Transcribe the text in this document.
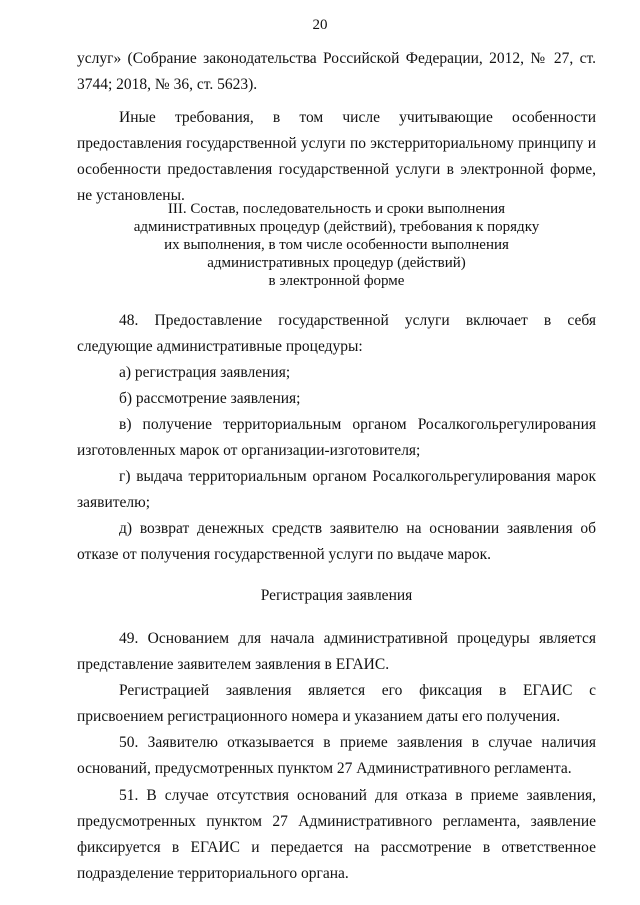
20
услуг» (Собрание законодательства Российской Федерации, 2012, № 27, ст. 3744; 2018, № 36, ст. 5623).
Иные требования, в том числе учитывающие особенности предоставления государственной услуги по экстерриториальному принципу и особенности предоставления государственной услуги в электронной форме, не установлены.
III. Состав, последовательность и сроки выполнения
административных процедур (действий), требования к порядку
их выполнения, в том числе особенности выполнения
административных процедур (действий)
в электронной форме
48. Предоставление государственной услуги включает в себя следующие административные процедуры:
а) регистрация заявления;
б) рассмотрение заявления;
в) получение территориальным органом Росалкогольрегулирования изготовленных марок от организации-изготовителя;
г) выдача территориальным органом Росалкогольрегулирования марок заявителю;
д) возврат денежных средств заявителю на основании заявления об отказе от получения государственной услуги по выдаче марок.
Регистрация заявления
49. Основанием для начала административной процедуры является представление заявителем заявления в ЕГАИС.
Регистрацией заявления является его фиксация в ЕГАИС с присвоением регистрационного номера и указанием даты его получения.
50. Заявителю отказывается в приеме заявления в случае наличия оснований, предусмотренных пунктом 27 Административного регламента.
51. В случае отсутствия оснований для отказа в приеме заявления, предусмотренных пунктом 27 Административного регламента, заявление фиксируется в ЕГАИС и передается на рассмотрение в ответственное подразделение территориального органа.
